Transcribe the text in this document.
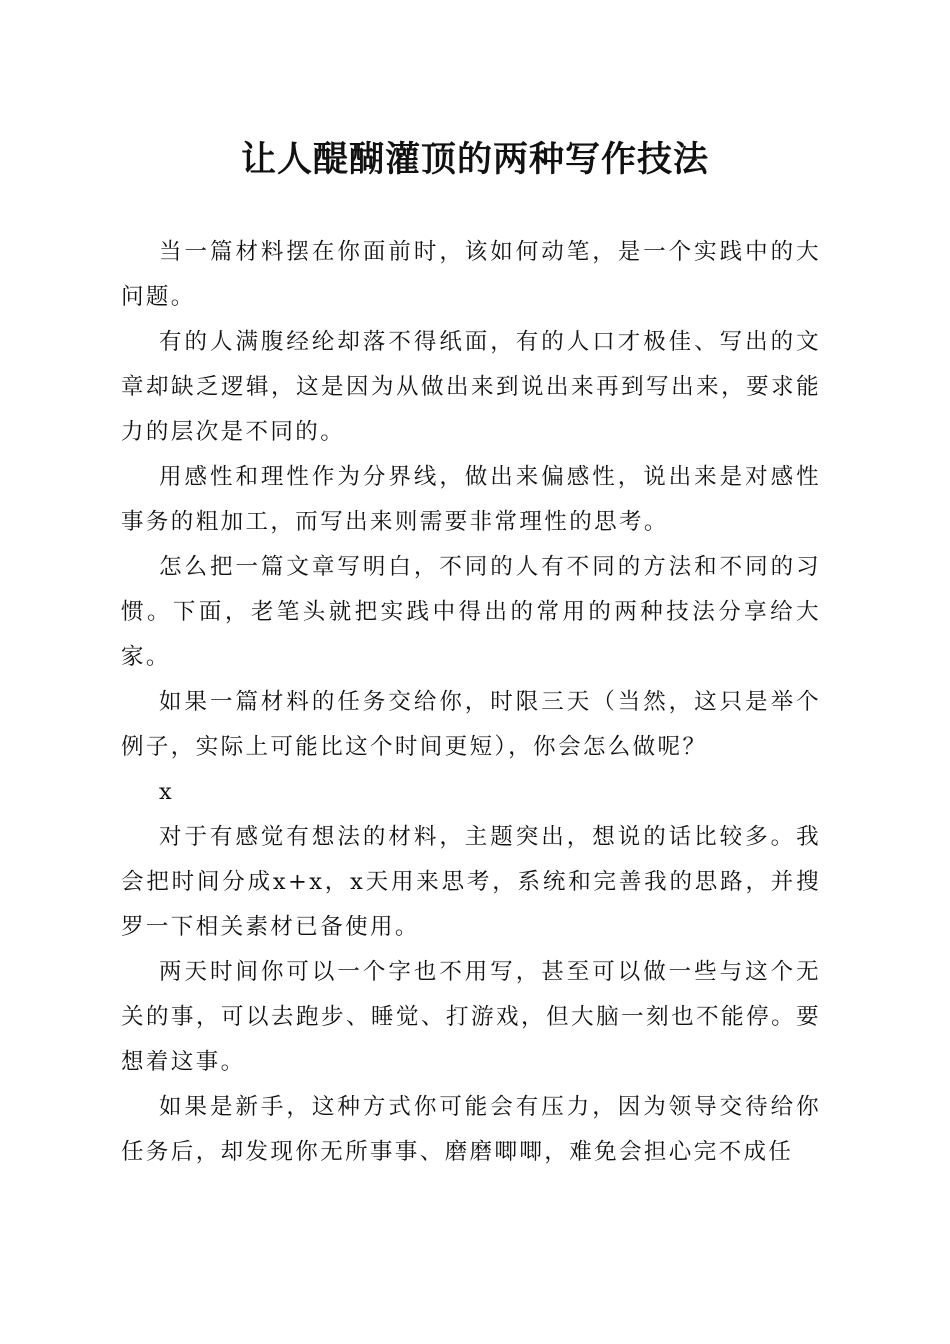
让人醍醐灌顶的两种写作技法

当一篇材料摆在你面前时，该如何动笔，是一个实践中的大问题。

有的人满腹经纶却落不得纸面，有的人口才极佳、写出的文章却缺乏逻辑，这是因为从做出来到说出来再到写出来，要求能力的层次是不同的。

用感性和理性作为分界线，做出来偏感性，说出来是对感性事务的粗加工，而写出来则需要非常理性的思考。

怎么把一篇文章写明白，不同的人有不同的方法和不同的习惯。下面，老笔头就把实践中得出的常用的两种技法分享给大家。

如果一篇材料的任务交给你，时限三天（当然，这只是举个例子，实际上可能比这个时间更短），你会怎么做呢？

x

对于有感觉有想法的材料，主题突出，想说的话比较多。我会把时间分成x+x，x天用来思考，系统和完善我的思路，并搜罗一下相关素材已备使用。

两天时间你可以一个字也不用写，甚至可以做一些与这个无关的事，可以去跑步、睡觉、打游戏，但大脑一刻也不能停。要想着这事。

如果是新手，这种方式你可能会有压力，因为领导交待给你任务后，却发现你无所事事、磨磨唧唧，难免会担心完不成任
